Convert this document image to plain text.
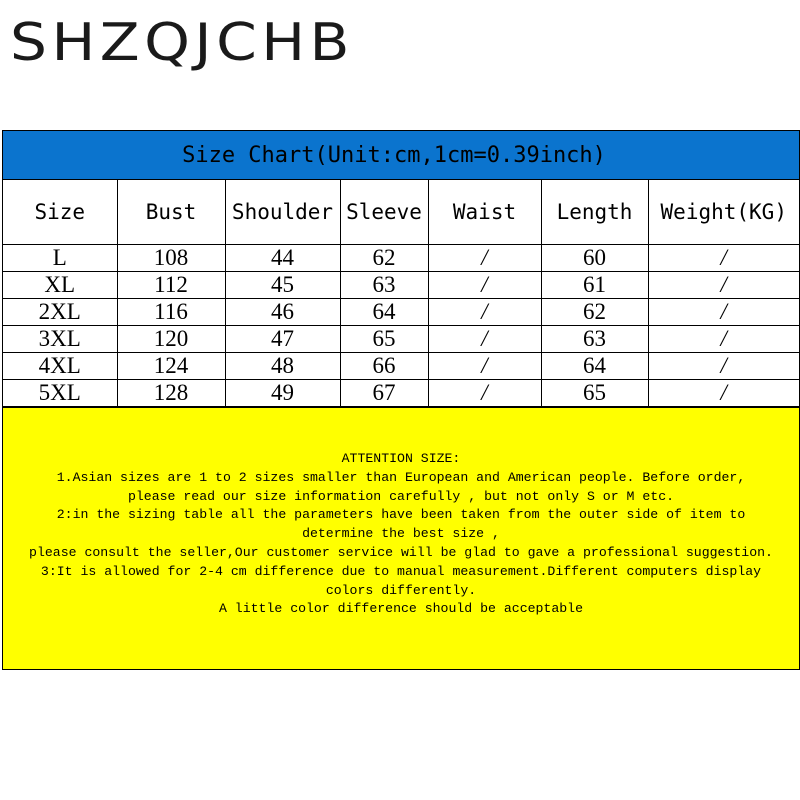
SHZQJCHB
Size Chart(Unit:cm,1cm=0.39inch)
Size	Bust	Shoulder	Sleeve	Waist	Length	Weight(KG)
L	108	44	62	/	60	/
XL	112	45	63	/	61	/
2XL	116	46	64	/	62	/
3XL	120	47	65	/	63	/
4XL	124	48	66	/	64	/
5XL	128	49	67	/	65	/
ATTENTION SIZE:
1.Asian sizes are 1 to 2 sizes smaller than European and American people. Before order,
please read our size information carefully , but not only S or M etc.
2:in the sizing table all the parameters have been taken from the outer side of item to
determine the best size ,
please consult the seller,Our customer service will be glad to gave a professional suggestion.
3:It is allowed for 2-4 cm difference due to manual measurement.Different computers display
colors differently.
A little color difference should be acceptable
